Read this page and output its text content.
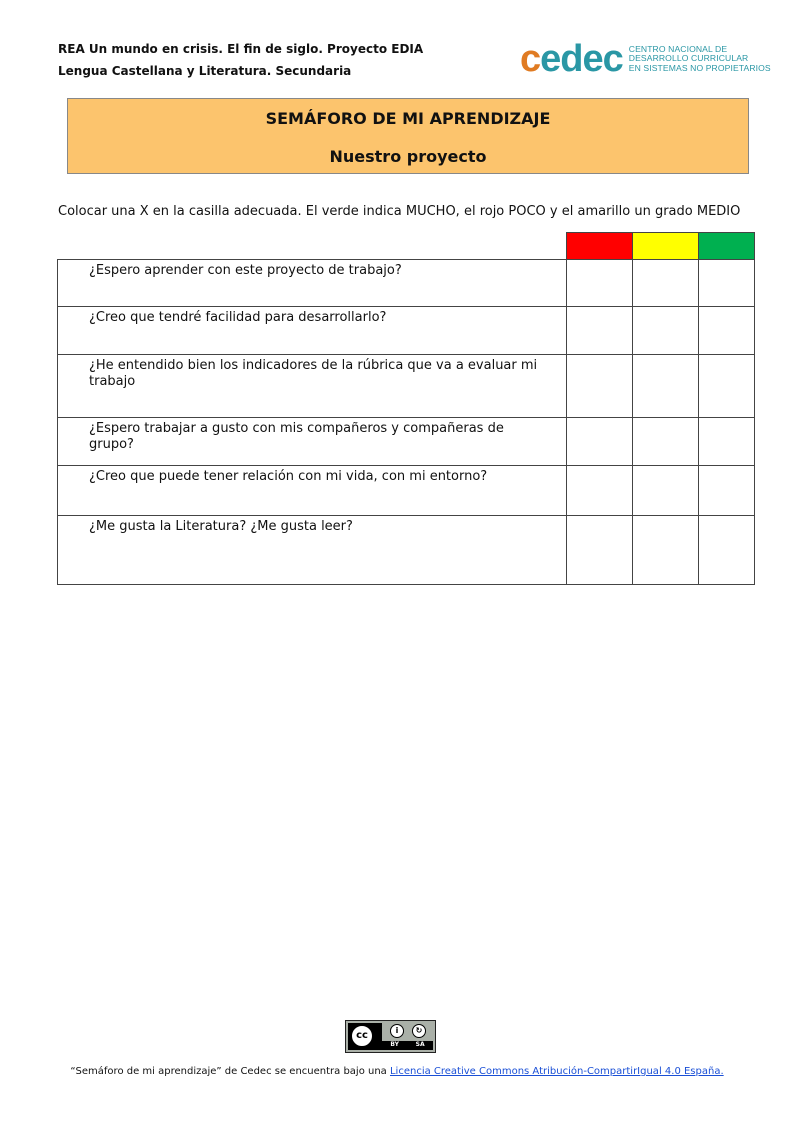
REA Un mundo en crisis. El fin de siglo. Proyecto EDIA
Lengua Castellana y Literatura. Secundaria	cedec CENTRO NACIONAL DE
DESARROLLO CURRICULAR
EN SISTEMAS NO PROPIETARIOS
SEMÁFORO DE MI APRENDIZAJE
Nuestro proyecto
Colocar una X en la casilla adecuada. El verde indica MUCHO, el rojo POCO y el amarillo un grado MEDIO

¿Espero aprender con este proyecto de trabajo?			
¿Creo que tendré facilidad para desarrollarlo?			
¿He entendido bien los indicadores de la rúbrica que va a evaluar mi trabajo			
¿Espero trabajar a gusto con mis compañeros y compañeras de grupo?			
¿Creo que puede tener relación con mi vida, con mi entorno?			
¿Me gusta la Literatura? ¿Me gusta leer?			
cc	i	↻
BY	SA
“Semáforo de mi aprendizaje” de Cedec se encuentra bajo una Licencia Creative Commons Atribución-CompartirIgual 4.0 España.
